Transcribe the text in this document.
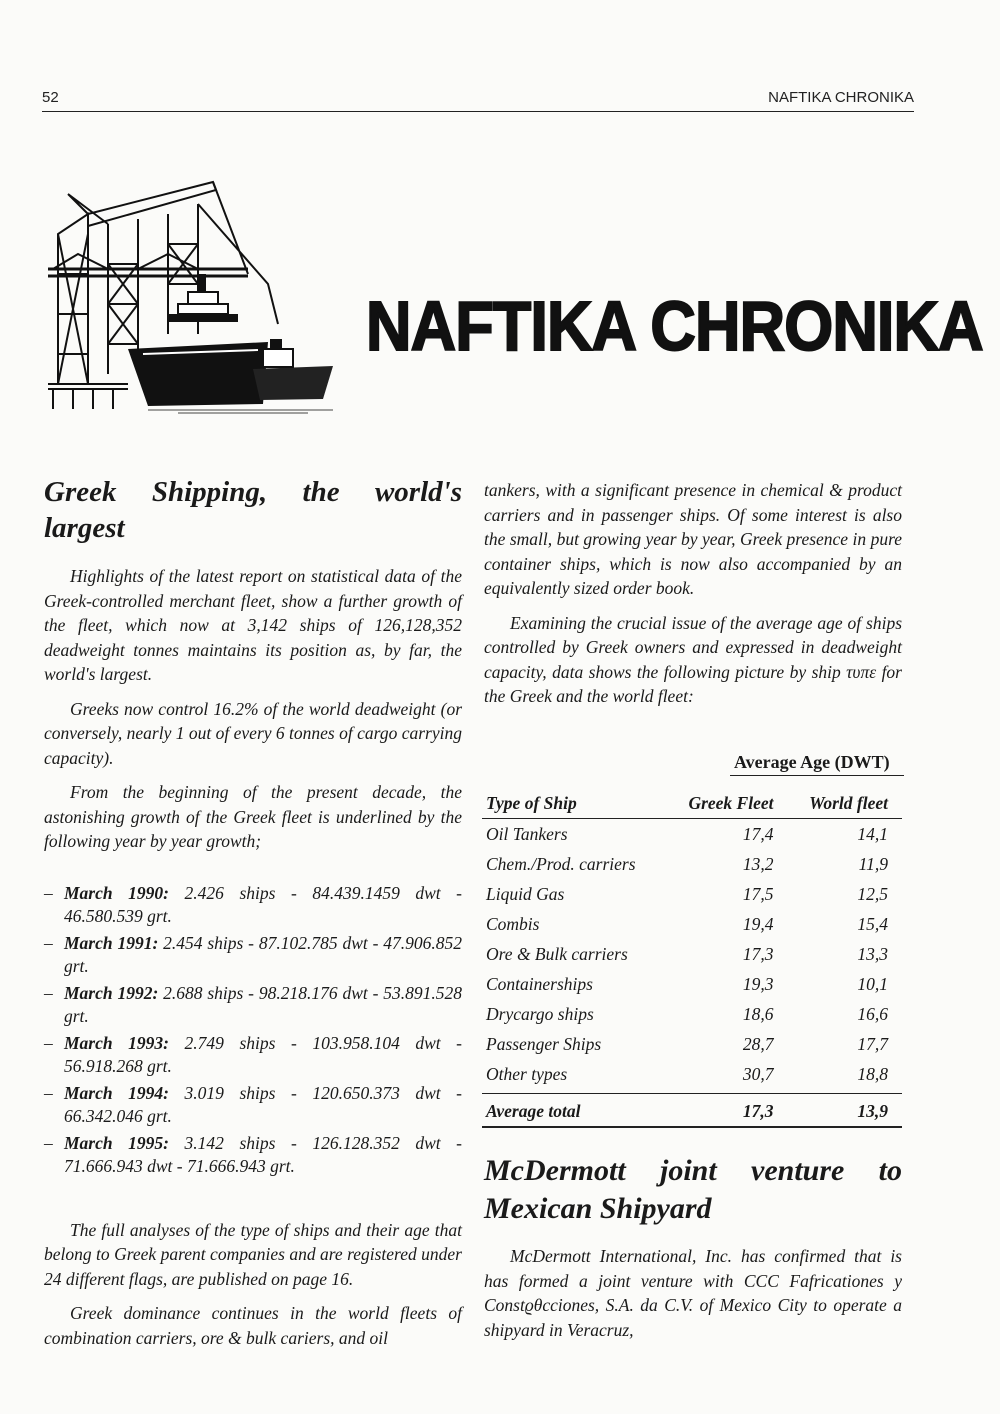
52	NAFTIKA CHRONIKA
NAFTIKA CHRONIKA
Greek Shipping, the world's largest

Highlights of the latest report on statistical data of the Greek-controlled merchant fleet, show a further growth of the fleet, which now at 3,142 ships of 126,128,352 deadweight tonnes maintains its position as, by far, the world's largest.

Greeks now control 16.2% of the world deadweight (or conversely, nearly 1 out of every 6 tonnes of cargo carrying capacity).

From the beginning of the present decade, the astonishing growth of the Greek fleet is underlined by the following year by year growth;

– March 1990: 2.426 ships - 84.439.1459 dwt - 46.580.539 grt.
– March 1991: 2.454 ships - 87.102.785 dwt - 47.906.852 grt.
– March 1992: 2.688 ships - 98.218.176 dwt - 53.891.528 grt.
– March 1993: 2.749 ships - 103.958.104 dwt - 56.918.268 grt.
– March 1994: 3.019 ships - 120.650.373 dwt - 66.342.046 grt.
– March 1995: 3.142 ships - 126.128.352 dwt - 71.666.943 dwt - 71.666.943 grt.

The full analyses of the type of ships and their age that belong to Greek parent companies and are registered under 24 different flags, are published on page 16.

Greek dominance continues in the world fleets of combination carriers, ore & bulk cariers, and oil

tankers, with a significant presence in chemical & product carriers and in passenger ships. Of some interest is also the small, but growing year by year, Greek presence in pure container ships, which is now also accompanied by an equivalently sized order book.

Examining the crucial issue of the average age of ships controlled by Greek owners and expressed in deadweight capacity, data shows the following picture by ship τυπε for the Greek and the world fleet:

Average Age (DWT)
Type of Ship	Greek Fleet	World fleet
Oil Tankers	17,4	14,1
Chem./Prod. carriers	13,2	11,9
Liquid Gas	17,5	12,5
Combis	19,4	15,4
Ore & Bulk carriers	17,3	13,3
Containerships	19,3	10,1
Drycargo ships	18,6	16,6
Passenger Ships	28,7	17,7
Other types	30,7	18,8
Average total	17,3	13,9
McDermott joint venture to Mexican Shipyard

McDermott International, Inc. has confirmed that is has formed a joint venture with CCC Fafricationes y Constϱθcciones, S.A. da C.V. of Mexico City to operate a shipyard in Veracruz,
